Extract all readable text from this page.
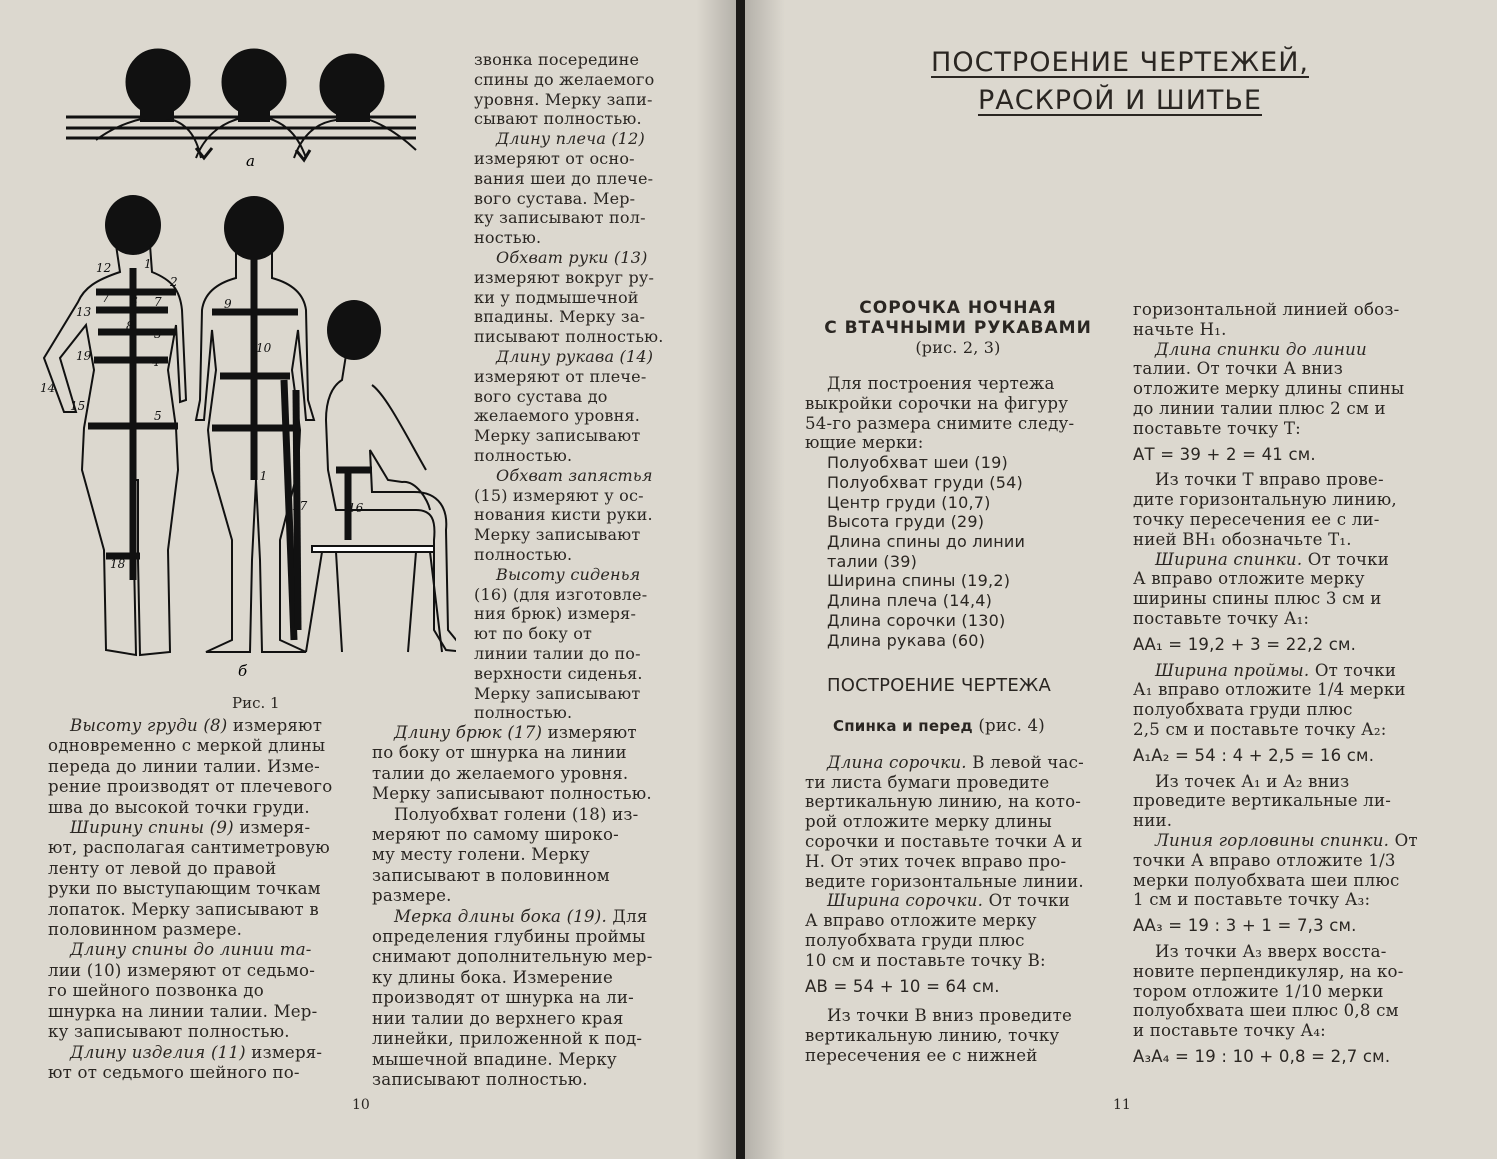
а
1
12
2
7 6 7
13
8
3
19	4
14
15
5
18
9
10
11
17	16
б
Рис. 1
звонка посередине
спины до желаемого
уровня. Мерку запи-
сывают полностью.
Длину плеча (12)
измеряют от осно-
вания шеи до плече-
вого сустава. Мер-
ку записывают пол-
ностью.
Обхват руки (13)
измеряют вокруг ру-
ки у подмышечной
впадины. Мерку за-
писывают полностью.
Длину рукава (14)
измеряют от плече-
вого сустава до
желаемого уровня.
Мерку записывают
полностью.
Обхват запястья
(15) измеряют у ос-
нования кисти руки.
Мерку записывают
полностью.
Высоту сиденья
(16) (для изготовле-
ния брюк) измеря-
ют по боку от
линии талии до по-
верхности сиденья.
Мерку записывают
полностью.
Высоту груди (8) измеряют
одновременно с меркой длины
переда до линии талии. Изме-
рение производят от плечевого
шва до высокой точки груди.
Ширину спины (9) измеря-
ют, располагая сантиметровую
ленту от левой до правой
руки по выступающим точкам
лопаток. Мерку записывают в
половинном размере.
Длину спины до линии та-
лии (10) измеряют от седьмо-
го шейного позвонка до
шнурка на линии талии. Мер-
ку записывают полностью.
Длину изделия (11) измеря-
ют от седьмого шейного по-
Длину брюк (17) измеряют
по боку от шнурка на линии
талии до желаемого уровня.
Мерку записывают полностью.
Полуобхват голени (18) из-
меряют по самому широко-
му месту голени. Мерку
записывают в половинном
размере.
Мерка длины бока (19). Для
определения глубины проймы
снимают дополнительную мер-
ку длины бока. Измерение
производят от шнурка на ли-
нии талии до верхнего края
линейки, приложенной к под-
мышечной впадине. Мерку
записывают полностью.
10
ПОСТРОЕНИЕ ЧЕРТЕЖЕЙ,
РАСКРОЙ И ШИТЬЕ
СОРОЧКА НОЧНАЯ
С ВТАЧНЫМИ РУКАВАМИ
(рис. 2, 3)
Для построения чертежа
выкройки сорочки на фигуру
54-го размера снимите следу-
ющие мерки:
Полуобхват шеи (19)
Полуобхват груди (54)
Центр груди (10,7)
Высота груди (29)
Длина спины до линии
талии (39)
Ширина спины (19,2)
Длина плеча (14,4)
Длина сорочки (130)
Длина рукава (60)
ПОСТРОЕНИЕ ЧЕРТЕЖА
Спинка и перед (рис. 4)
Длина сорочки. В левой час-
ти листа бумаги проведите
вертикальную линию, на кото-
рой отложите мерку длины
сорочки и поставьте точки А и
Н. От этих точек вправо про-
ведите горизонтальные линии.
Ширина сорочки. От точки
А вправо отложите мерку
полуобхвата груди плюс
10 см и поставьте точку В:
АВ = 54 + 10 = 64 см.
Из точки В вниз проведите
вертикальную линию, точку
пересечения ее с нижней
горизонтальной линией обоз-
начьте Н₁.
Длина спинки до линии
талии. От точки А вниз
отложите мерку длины спины
до линии талии плюс 2 см и
поставьте точку Т:
АТ = 39 + 2 = 41 см.
Из точки Т вправо прове-
дите горизонтальную линию,
точку пересечения ее с ли-
нией ВН₁ обозначьте Т₁.
Ширина спинки. От точки
А вправо отложите мерку
ширины спины плюс 3 см и
поставьте точку А₁:
АА₁ = 19,2 + 3 = 22,2 см.
Ширина проймы. От точки
А₁ вправо отложите 1/4 мерки
полуобхвата груди плюс
2,5 см и поставьте точку А₂:
А₁А₂ = 54 : 4 + 2,5 = 16 см.
Из точек А₁ и А₂ вниз
проведите вертикальные ли-
нии.
Линия горловины спинки. От
точки А вправо отложите 1/3
мерки полуобхвата шеи плюс
1 см и поставьте точку А₃:
АА₃ = 19 : 3 + 1 = 7,3 см.
Из точки А₃ вверх восста-
новите перпендикуляр, на ко-
тором отложите 1/10 мерки
полуобхвата шеи плюс 0,8 см
и поставьте точку А₄:
А₃А₄ = 19 : 10 + 0,8 = 2,7 см.
11
